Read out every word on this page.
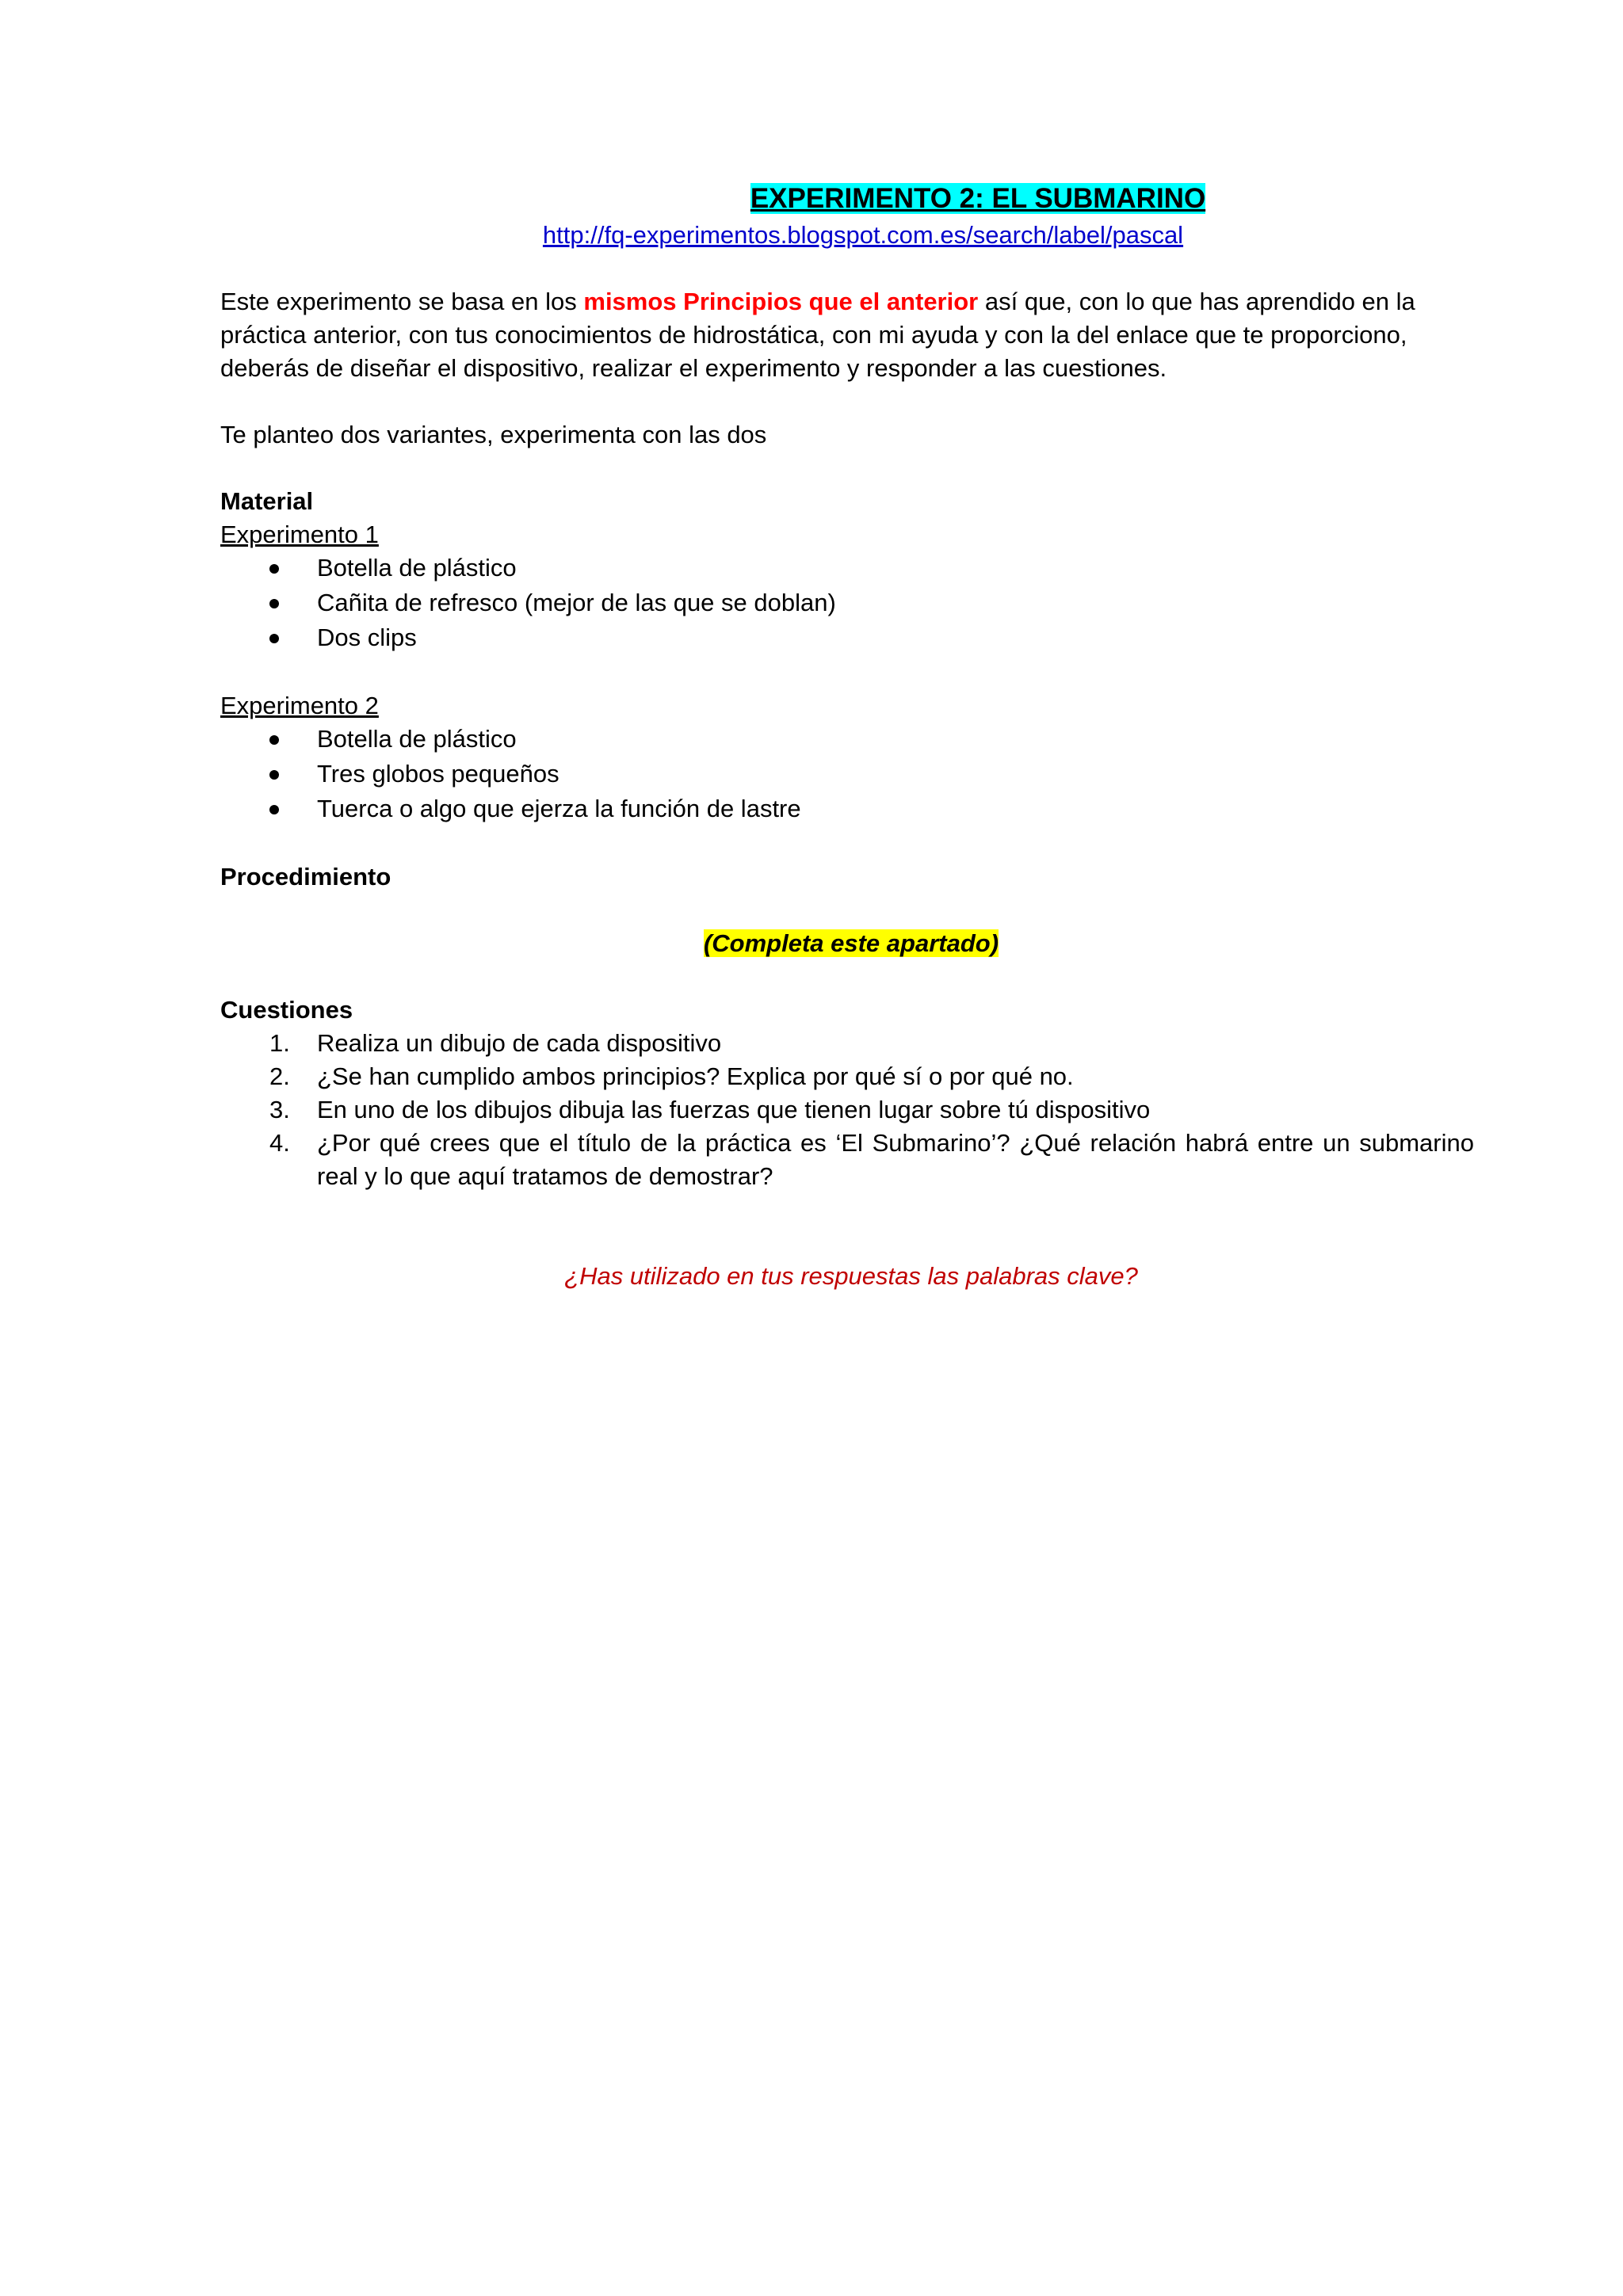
EXPERIMENTO 2: EL SUBMARINO

http://fq-experimentos.blogspot.com.es/search/label/pascal

Este experimento se basa en los mismos Principios que el anterior así que, con lo que has aprendido en la práctica anterior, con tus conocimientos de hidrostática, con mi ayuda y con la del enlace que te proporciono, deberás de diseñar el dispositivo, realizar el experimento y responder a las cuestiones.

Te planteo dos variantes, experimenta con las dos

Material

Experimento 1

Botella de plástico
Cañita de refresco (mejor de las que se doblan)
Dos clips

Experimento 2

Botella de plástico
Tres globos pequeños
Tuerca o algo que ejerza la función de lastre

Procedimiento

(Completa este apartado)

Cuestiones

1. Realiza un dibujo de cada dispositivo
2. ¿Se han cumplido ambos principios? Explica por qué sí o por qué no.
3. En uno de los dibujos dibuja las fuerzas que tienen lugar sobre tú dispositivo
4. ¿Por qué crees que el título de la práctica es ‘El Submarino’? ¿Qué relación habrá entre un submarino real y lo que aquí tratamos de demostrar?

¿Has utilizado en tus respuestas las palabras clave?
